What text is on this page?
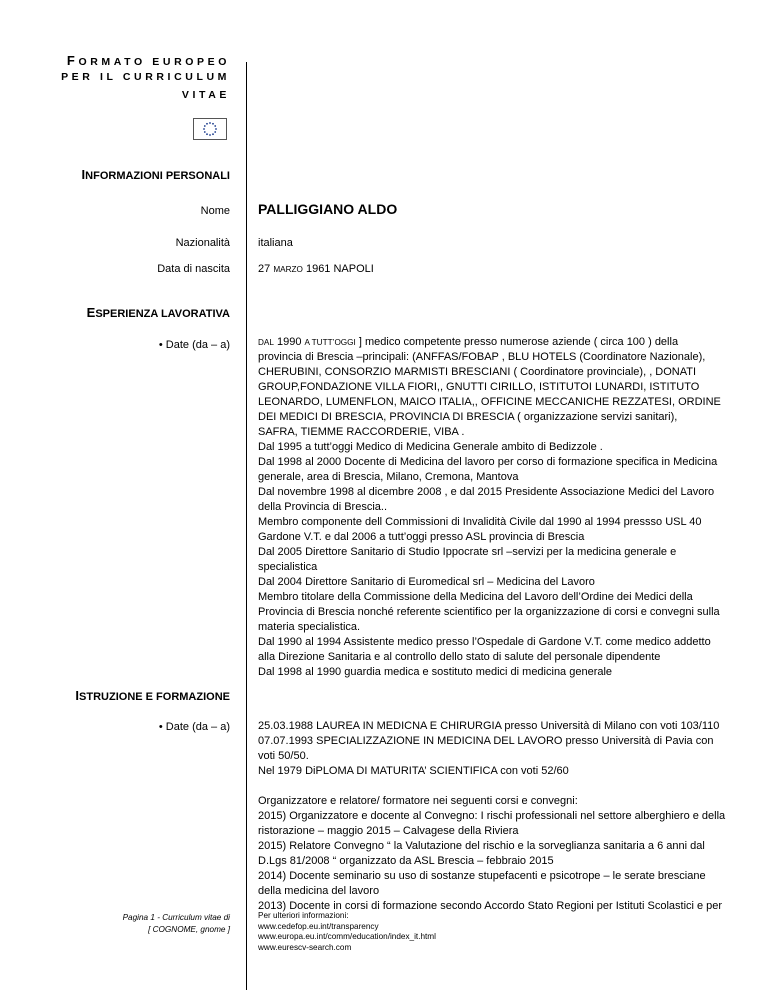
FORMATO EUROPEO
PER IL CURRICULUM
VITAE
INFORMAZIONI PERSONALI
Nome PALLIGGIANO ALDO
Nazionalità	italiana
Data di nascita	27 MARZO 1961 NAPOLI
ESPERIENZA LAVORATIVA
• Date (da – a)	DAL 1990 A TUTT’OGGI ] medico competente presso numerose aziende ( circa 100 ) della
provincia di Brescia –principali: (ANFFAS/FOBAP , BLU HOTELS (Coordinatore Nazionale),
CHERUBINI, CONSORZIO MARMISTI BRESCIANI ( Coordinatore provinciale), , DONATI
GROUP,FONDAZIONE VILLA FIORI,, GNUTTI CIRILLO, ISTITUTOI LUNARDI, ISTITUTO
LEONARDO, LUMENFLON, MAICO ITALIA,, OFFICINE MECCANICHE REZZATESI, ORDINE
DEI MEDICI DI BRESCIA, PROVINCIA DI BRESCIA ( organizzazione servizi sanitari),
SAFRA, TIEMME RACCORDERIE, VIBA .
Dal 1995 a tutt’oggi Medico di Medicina Generale ambito di Bedizzole .
Dal 1998 al 2000 Docente di Medicina del lavoro per corso di formazione specifica in Medicina
generale, area di Brescia, Milano, Cremona, Mantova
Dal novembre 1998 al dicembre 2008 , e dal 2015 Presidente Associazione Medici del Lavoro
della Provincia di Brescia..
Membro componente dell Commissioni di Invalidità Civile dal 1990 al 1994 pressso USL 40
Gardone V.T. e dal 2006 a tutt’oggi presso ASL provincia di Brescia
Dal 2005 Direttore Sanitario di Studio Ippocrate srl –servizi per la medicina generale e
specialistica
Dal 2004 Direttore Sanitario di Euromedical srl – Medicina del Lavoro
Membro titolare della Commissione della Medicina del Lavoro dell’Ordine dei Medici della
Provincia di Brescia nonché referente scientifico per la organizzazione di corsi e convegni sulla
materia specialistica.
Dal 1990 al 1994 Assistente medico presso l’Ospedale di Gardone V.T. come medico addetto
alla Direzione Sanitaria e al controllo dello stato di salute del personale dipendente
Dal 1998 al 1990 guardia medica e sostituto medici di medicina generale
ISTRUZIONE E FORMAZIONE
• Date (da – a)	25.03.1988 LAUREA IN MEDICNA E CHIRURGIA presso Università di Milano con voti 103/110
07.07.1993 SPECIALIZZAZIONE IN MEDICINA DEL LAVORO presso Università di Pavia con
voti 50/50.
Nel 1979 DiPLOMA DI MATURITA’ SCIENTIFICA con voti 52/60
Organizzatore e relatore/ formatore nei seguenti corsi e convegni:
2015) Organizzatore e docente al Convegno: I rischi professionali nel settore alberghiero e della
ristorazione – maggio 2015 – Calvagese della Riviera
2015) Relatore Convegno “ la Valutazione del rischio e la sorveglianza sanitaria a 6 anni dal
D.Lgs 81/2008 “ organizzato da ASL Brescia – febbraio 2015
2014) Docente seminario su uso di sostanze stupefacenti e psicotrope – le serate bresciane
della medicina del lavoro
2013) Docente in corsi di formazione secondo Accordo Stato Regioni per Istituti Scolastici e per
Pagina 1 - Curriculum vitae di
[ COGNOME, gnome ]
Per ulteriori informazioni:
www.cedefop.eu.int/transparency
www.europa.eu.int/comm/education/index_it.html
www.eurescv-search.com
